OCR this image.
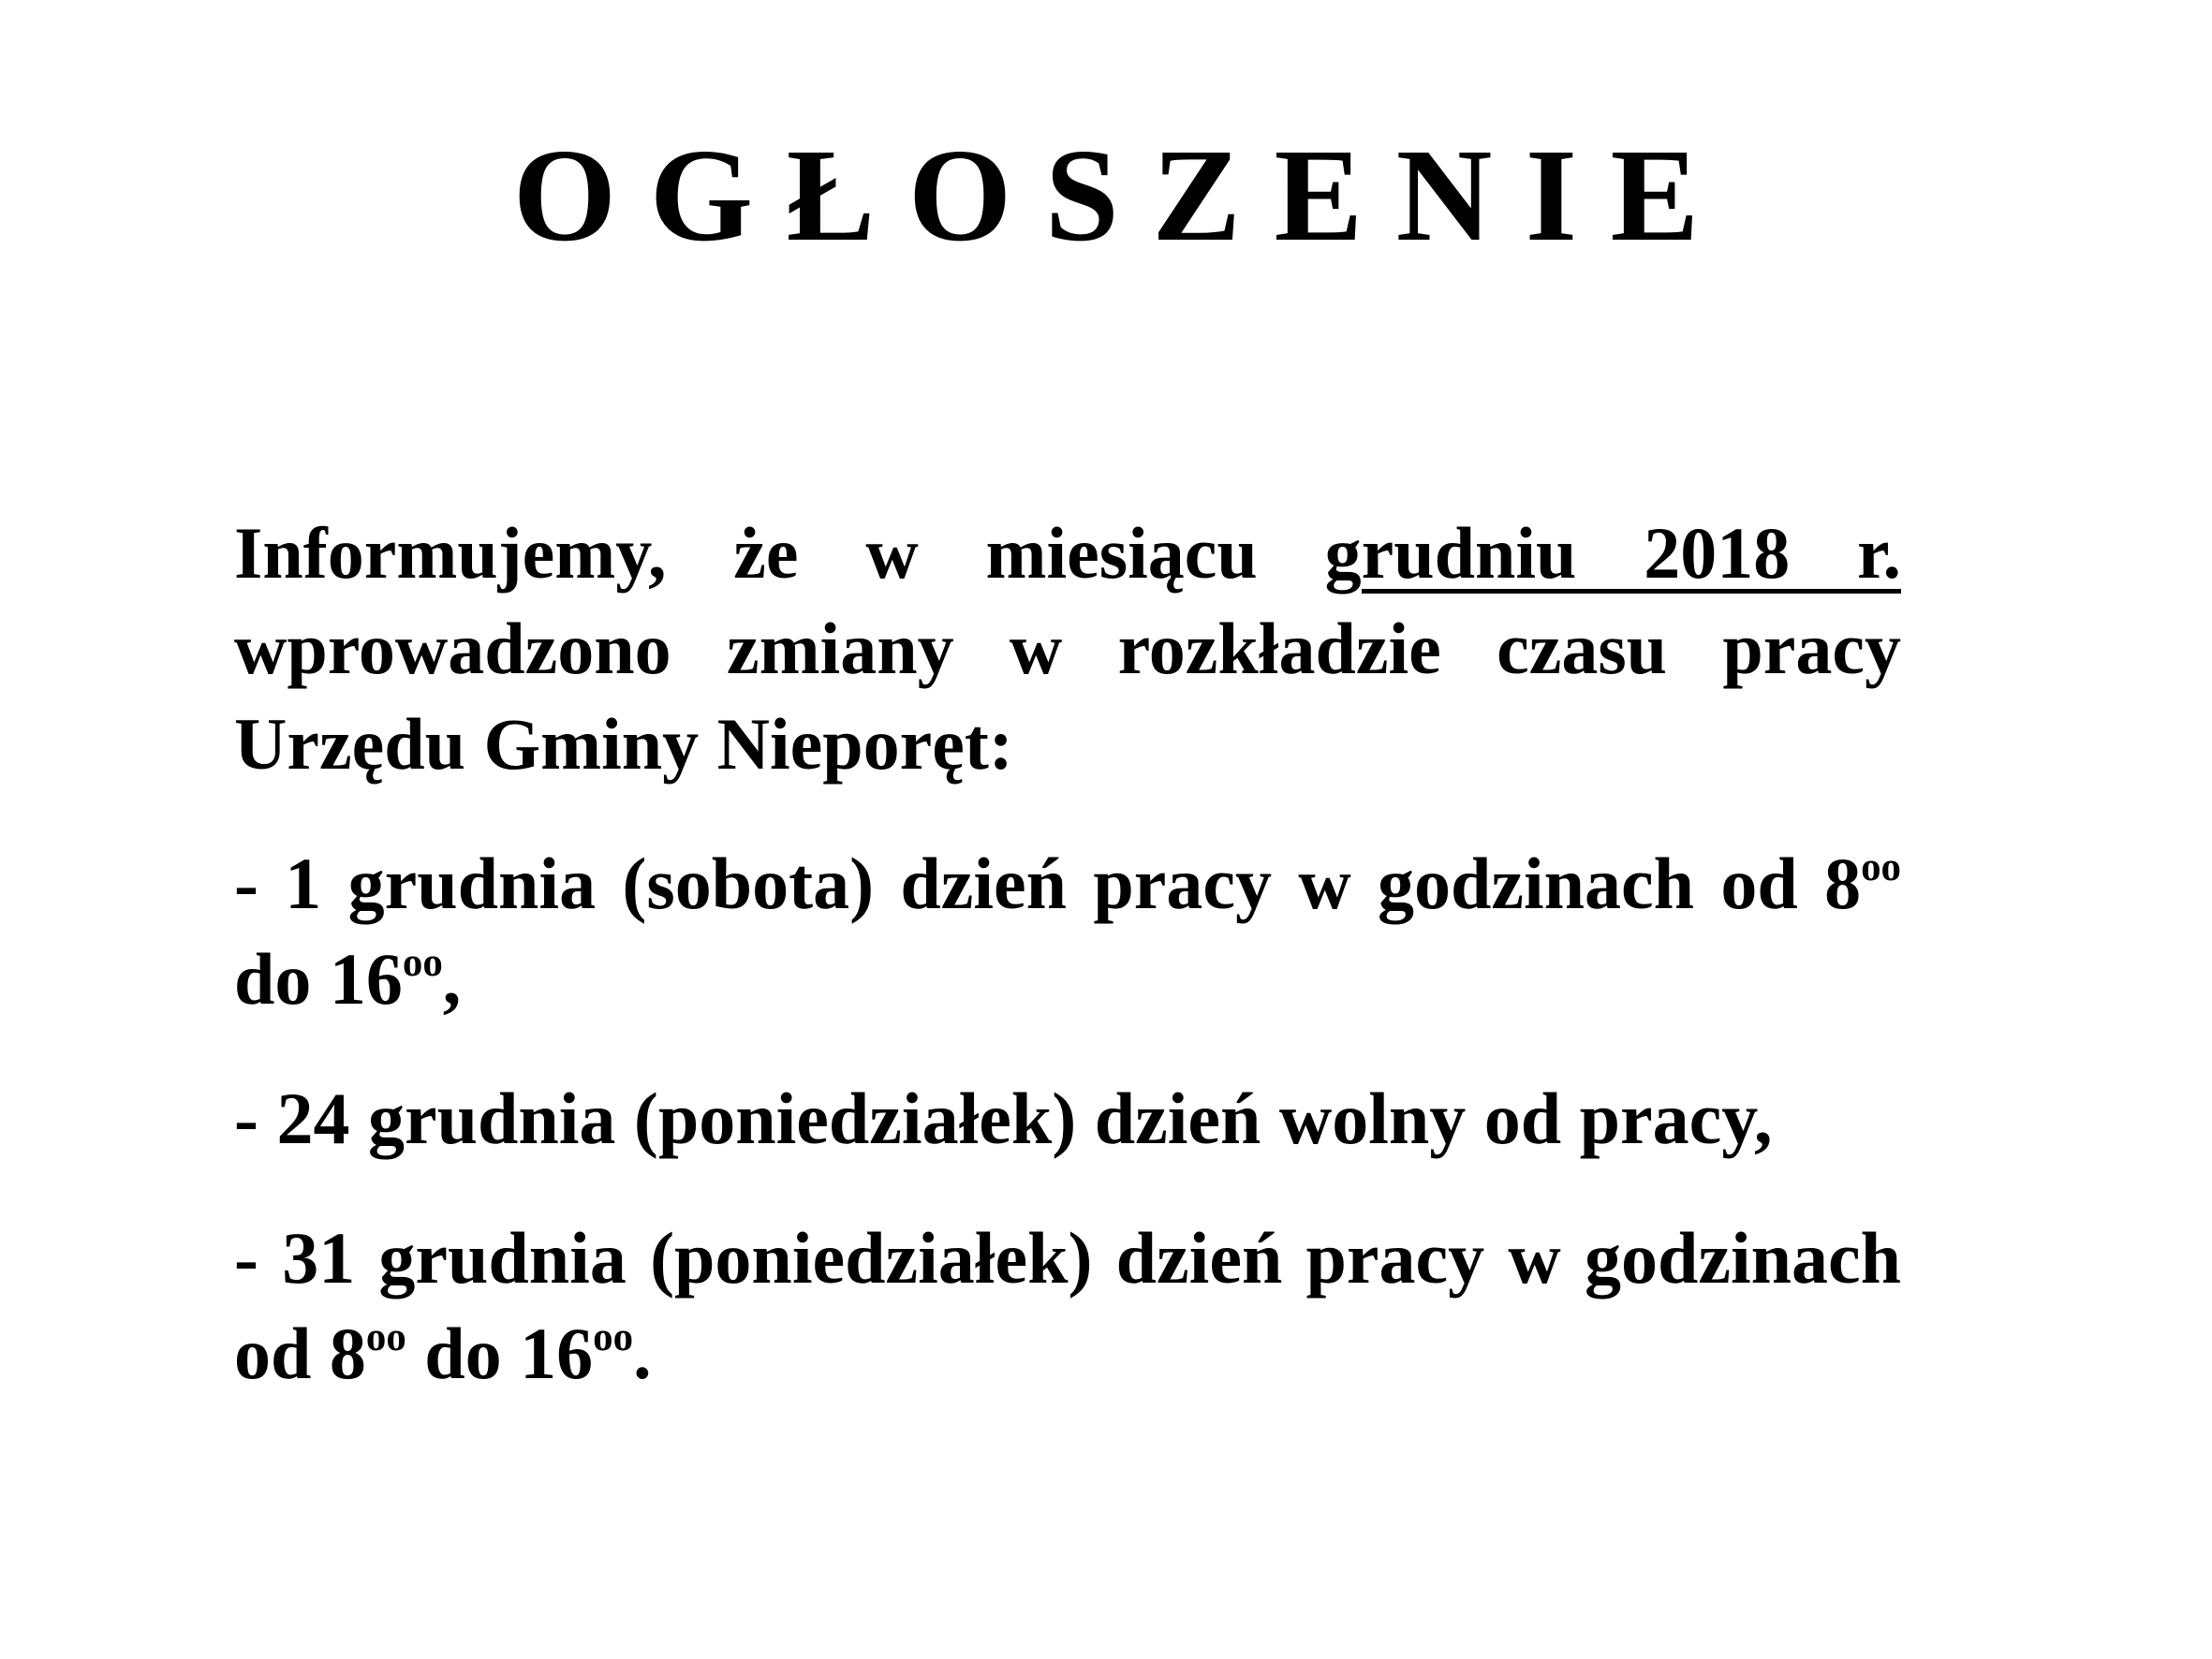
O G Ł O S Z E N I E

Informujemy, że w miesiącu grudniu 2018 r. wprowadzono zmiany w rozkładzie czasu pracy Urzędu Gminy Nieporęt:

- 1 grudnia (sobota) dzień pracy w godzinach od $8^{oo}$ do $16^{oo}$,

- 24 grudnia (poniedziałek) dzień wolny od pracy,

- 31 grudnia (poniedziałek) dzień pracy w godzinach od $8^{oo}$ do $16^{oo}$.
